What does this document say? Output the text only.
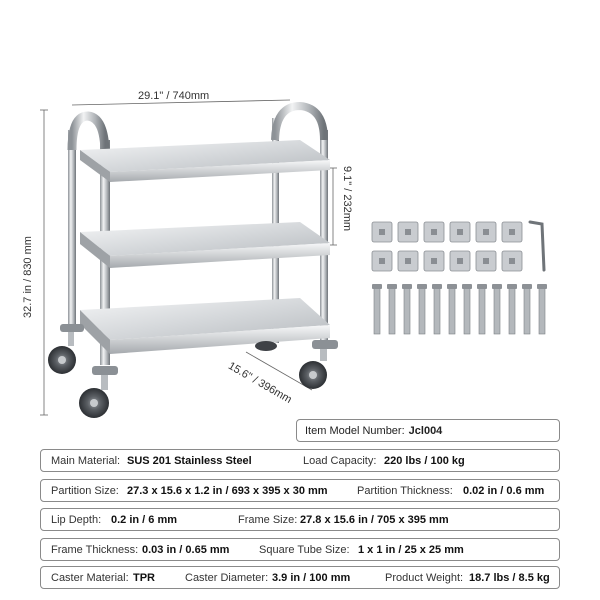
29.1" / 740mm
32.7 in / 830 mm
9.1" / 232mm
15.6" / 396mm
Item Model Number: Jcl004
Main Material: SUS 201 Stainless Steel	Load Capacity: 220 lbs / 100 kg
Partition Size: 27.3 x 15.6 x 1.2 in / 693 x 395 x 30 mm	Partition Thickness: 0.02 in / 0.6 mm
Lip Depth: 0.2 in / 6 mm	Frame Size: 27.8 x 15.6 in / 705 x 395 mm
Frame Thickness: 0.03 in / 0.65 mm	Square Tube Size: 1 x 1 in / 25 x 25 mm
Caster Material: TPR	Caster Diameter: 3.9 in / 100 mm	Product Weight: 18.7 lbs / 8.5 kg
